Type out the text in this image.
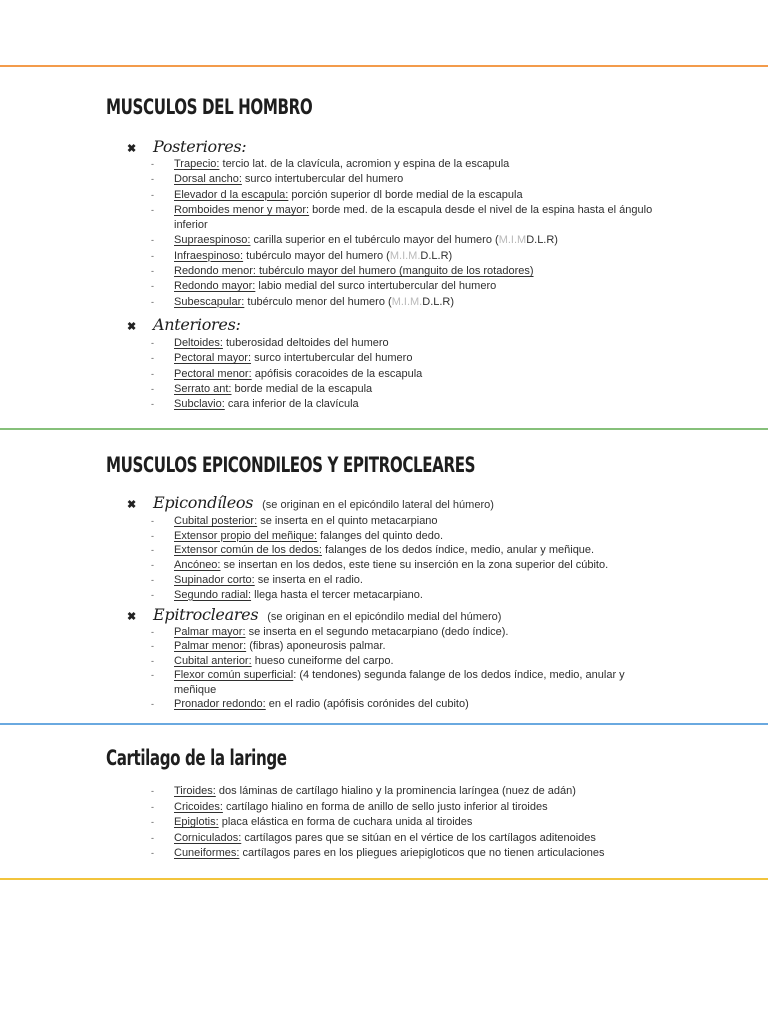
MUSCULOS DEL HOMBRO
✖	Posteriores:
- Trapecio: tercio lat. de la clavícula, acromion y espina de la escapula
- Dorsal ancho: surco intertubercular del humero
- Elevador d la escapula: porción superior dl borde medial de la escapula
- Romboides menor y mayor: borde med. de la escapula desde el nivel de la espina hasta el ángulo inferior
- Supraespinoso: carilla superior en el tubérculo mayor del humero (M.I.MD.L.R)
- Infraespinoso: tubérculo mayor del humero (M.I.M.D.L.R)
- Redondo menor: tubérculo mayor del humero (manguito de los rotadores)
- Redondo mayor: labio medial del surco intertubercular del humero
- Subescapular: tubérculo menor del humero (M.I.M.D.L.R)
✖	Anteriores:
- Deltoides: tuberosidad deltoides del humero
- Pectoral mayor: surco intertubercular del humero
- Pectoral menor: apófisis coracoides de la escapula
- Serrato ant: borde medial de la escapula
- Subclavio: cara inferior de la clavícula
MUSCULOS EPICONDILEOS Y EPITROCLEARES
✖	Epicondíleos (se originan en el epicóndilo lateral del húmero)
- Cubital posterior: se inserta en el quinto metacarpiano
- Extensor propio del meñique: falanges del quinto dedo.
- Extensor común de los dedos: falanges de los dedos índice, medio, anular y meñique.
- Ancóneo: se insertan en los dedos, este tiene su inserción en la zona superior del cúbito.
- Supinador corto: se inserta en el radio.
- Segundo radial: llega hasta el tercer metacarpiano.
✖	Epitrocleares (se originan en el epicóndilo medial del húmero)
- Palmar mayor: se inserta en el segundo metacarpiano (dedo índice).
- Palmar menor: (fibras) aponeurosis palmar.
- Cubital anterior: hueso cuneiforme del carpo.
- Flexor común superficial: (4 tendones) segunda falange de los dedos índice, medio, anular y meñique
- Pronador redondo: en el radio (apófisis corónides del cubito)
Cartilago de la laringe
- Tiroides: dos láminas de cartílago hialino y la prominencia laríngea (nuez de adán)
- Cricoides: cartílago hialino en forma de anillo de sello justo inferior al tiroides
- Epiglotis: placa elástica en forma de cuchara unida al tiroides
- Corniculados: cartílagos pares que se sitúan en el vértice de los cartílagos aditenoides
- Cuneiformes: cartílagos pares en los pliegues ariepigloticos que no tienen articulaciones
